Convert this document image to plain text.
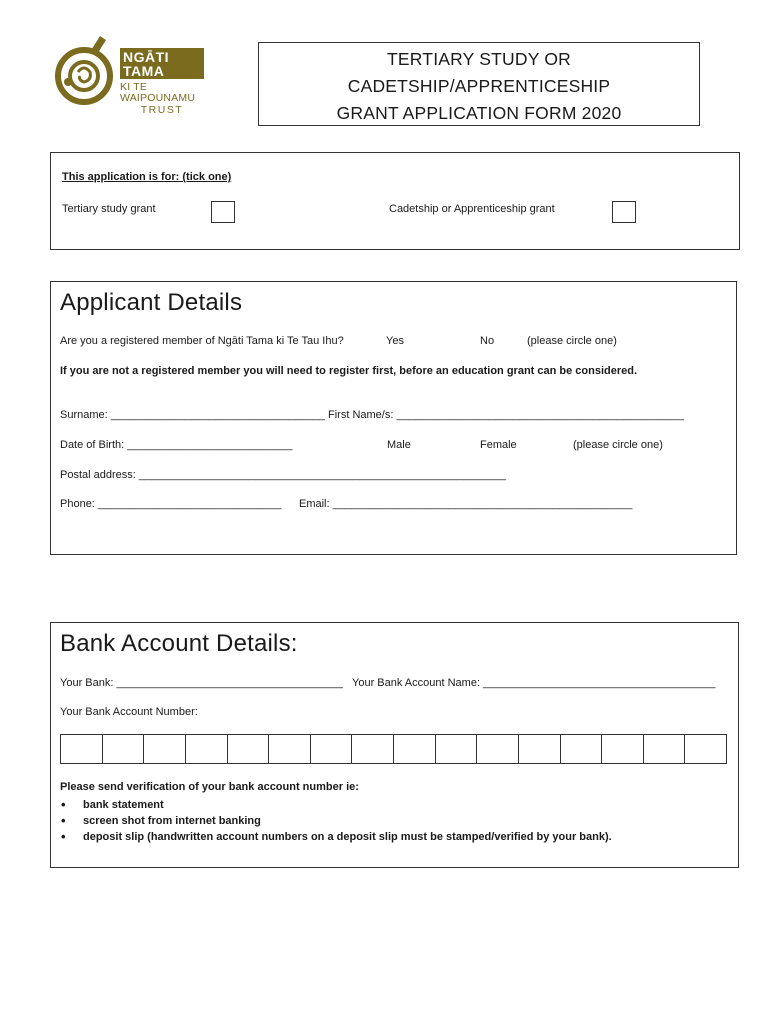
NGĀTI TAMA
KI TE WAIPOUNAMU
TRUST
TERTIARY STUDY OR
CADETSHIP/APPRENTICESHIP
GRANT APPLICATION FORM 2020
This application is for: (tick one)
Tertiary study grant	Cadetship or Apprenticeship grant
Applicant Details
Are you a registered member of Ngāti Tama ki Te Tau Ihu?	Yes	No	(please circle one)
If you are not a registered member you will need to register first, before an education grant can be considered.
Surname: ___________________________________ First Name/s: _______________________________________________
Date of Birth: ___________________________	Male	Female	(please circle one)
Postal address: ____________________________________________________________
Phone: ______________________________ Email: _________________________________________________
Bank Account Details:
Your Bank: _____________________________________ Your Bank Account Name: ______________________________________
Your Bank Account Number:
Please send verification of your bank account number ie:
• bank statement
• screen shot from internet banking
• deposit slip (handwritten account numbers on a deposit slip must be stamped/verified by your bank).
